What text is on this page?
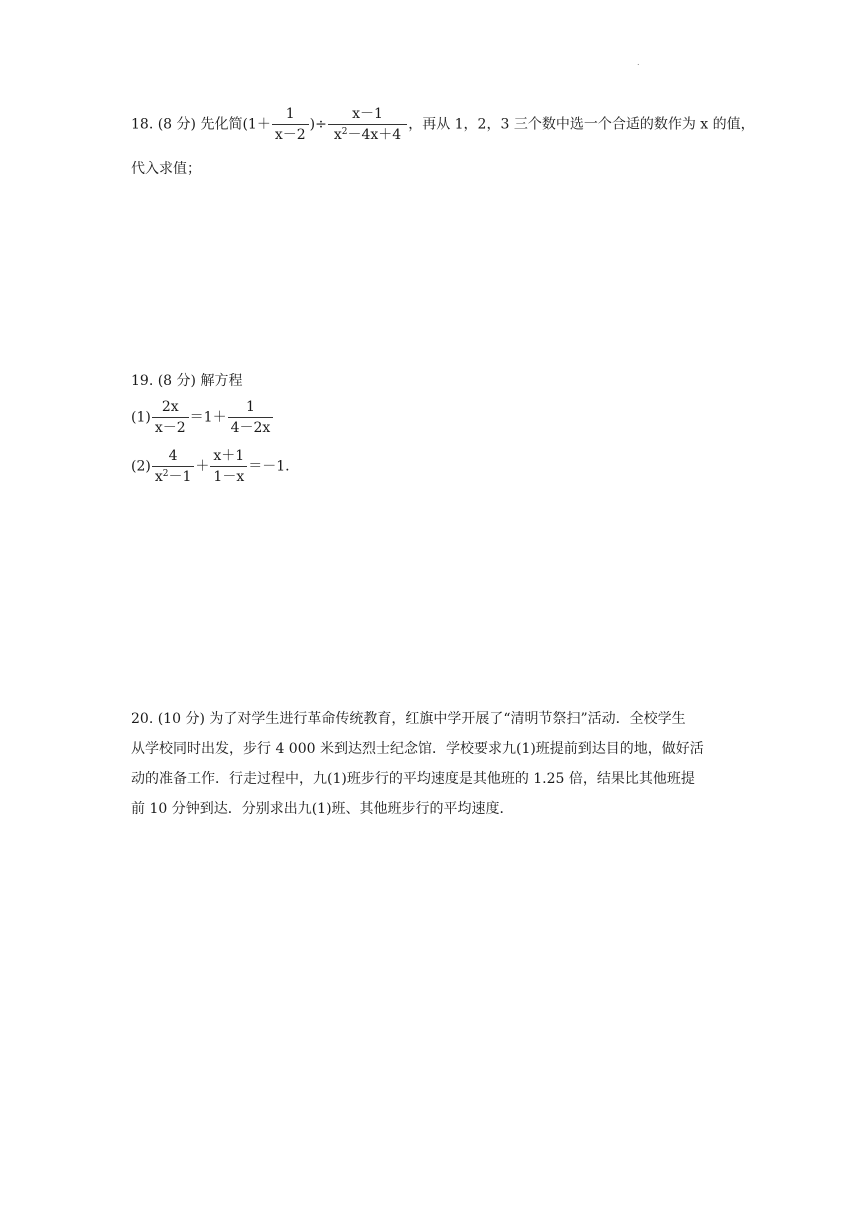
.
18. (8 分) 先化简($1+ \frac{1}{x-2}$ )÷ $\frac{x-1}{x^2-4x+4}$ ，再从 1，2，3 三个数中选一个合适的数作为 x 的值，
代入求值；
19. (8 分) 解方程
$(1) \frac{2x}{x-2} =1+ \frac{1}{4-2x}$
$(2) \frac{4}{x^2-1} + \frac{x+1}{1-x} =-1$.
20. (10 分) 为了对学生进行革命传统教育，红旗中学开展了“清明节祭扫”活动．全校学生
从学校同时出发，步行 4 000 米到达烈士纪念馆．学校要求九(1)班提前到达目的地，做好活
动的准备工作．行走过程中，九(1)班步行的平均速度是其他班的 1.25 倍，结果比其他班提
前 10 分钟到达．分别求出九(1)班、其他班步行的平均速度．
